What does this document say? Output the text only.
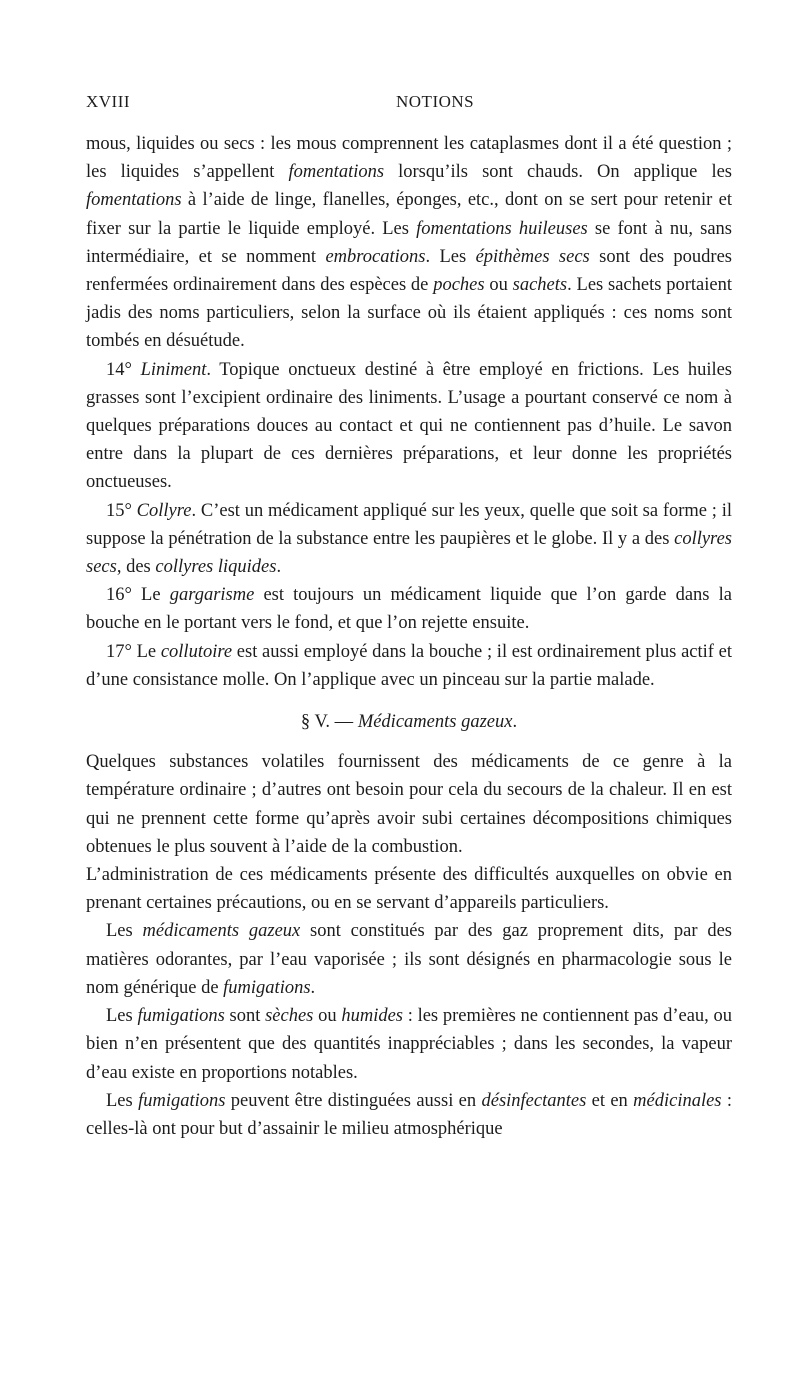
XVIII	NOTIONS

mous, liquides ou secs : les mous comprennent les cataplasmes dont il a été question ; les liquides s’appellent fomentations lorsqu’ils sont chauds. On applique les fomentations à l’aide de linge, flanelles, éponges, etc., dont on se sert pour retenir et fixer sur la partie le liquide employé. Les fomentations huileuses se font à nu, sans intermédiaire, et se nomment embrocations. Les épithèmes secs sont des poudres renfermées ordinairement dans des espèces de poches ou sachets. Les sachets portaient jadis des noms particuliers, selon la surface où ils étaient appliqués : ces noms sont tombés en désuétude.

14° Liniment. Topique onctueux destiné à être employé en frictions. Les huiles grasses sont l’excipient ordinaire des liniments. L’usage a pourtant conservé ce nom à quelques préparations douces au contact et qui ne contiennent pas d’huile. Le savon entre dans la plupart de ces dernières préparations, et leur donne les propriétés onctueuses.

15° Collyre. C’est un médicament appliqué sur les yeux, quelle que soit sa forme ; il suppose la pénétration de la substance entre les paupières et le globe. Il y a des collyres secs, des collyres liquides.

16° Le gargarisme est toujours un médicament liquide que l’on garde dans la bouche en le portant vers le fond, et que l’on rejette ensuite.

17° Le collutoire est aussi employé dans la bouche ; il est ordinairement plus actif et d’une consistance molle. On l’applique avec un pinceau sur la partie malade.

§ V. — Médicaments gazeux.

Quelques substances volatiles fournissent des médicaments de ce genre à la température ordinaire ; d’autres ont besoin pour cela du secours de la chaleur. Il en est qui ne prennent cette forme qu’après avoir subi certaines décompositions chimiques obtenues le plus souvent à l’aide de la combustion.

L’administration de ces médicaments présente des difficultés auxquelles on obvie en prenant certaines précautions, ou en se servant d’appareils particuliers.

Les médicaments gazeux sont constitués par des gaz proprement dits, par des matières odorantes, par l’eau vaporisée ; ils sont désignés en pharmacologie sous le nom générique de fumigations.

Les fumigations sont sèches ou humides : les premières ne contiennent pas d’eau, ou bien n’en présentent que des quantités inappréciables ; dans les secondes, la vapeur d’eau existe en proportions notables.

Les fumigations peuvent être distinguées aussi en désinfectantes et en médicinales : celles-là ont pour but d’assainir le milieu atmosphérique
